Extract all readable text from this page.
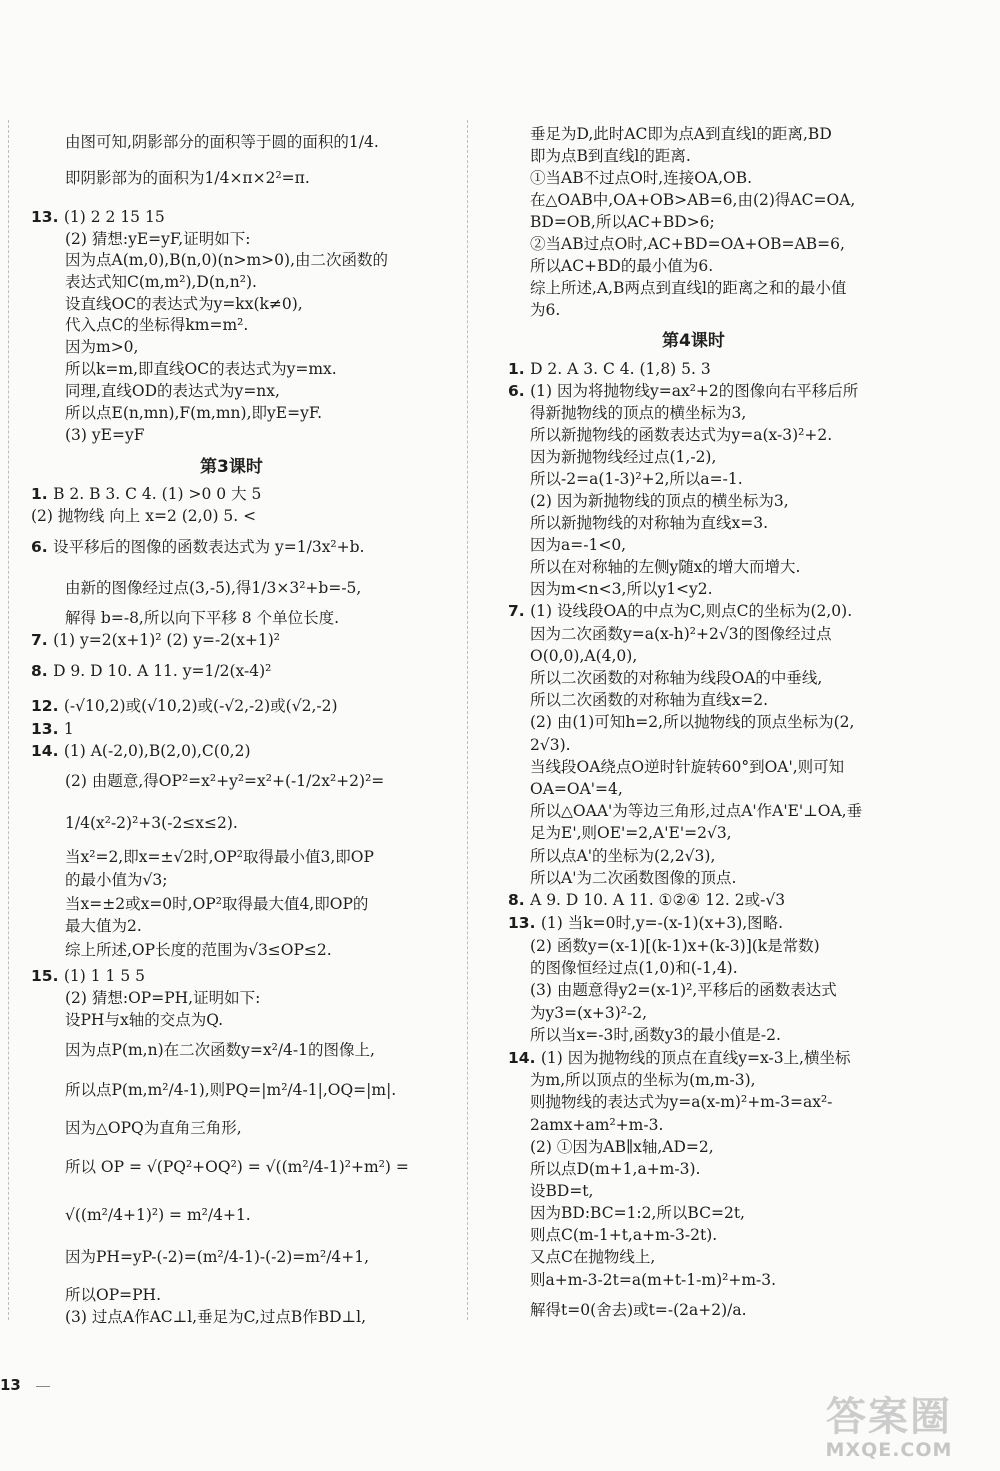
由图可知,阴影部分的面积等于圆的面积的1/4.
即阴影部为的面积为1/4×π×2²=π.
13. (1) 2 2 15 15
(2) 猜想:yE=yF,证明如下:
因为点A(m,0),B(n,0)(n>m>0),由二次函数的
表达式知C(m,m²),D(n,n²).
设直线OC的表达式为y=kx(k≠0),
代入点C的坐标得km=m².
因为m>0,
所以k=m,即直线OC的表达式为y=mx.
同理,直线OD的表达式为y=nx,
所以点E(n,mn),F(m,mn),即yE=yF.
(3) yE=yF
1. B 2. B 3. C 4. (1) >0 0 大 5
(2) 抛物线 向上 x=2 (2,0) 5. <
6. 设平移后的图像的函数表达式为 y=1/3x²+b.
由新的图像经过点(3,-5),得1/3×3²+b=-5,
解得 b=-8,所以向下平移 8 个单位长度.
7. (1) y=2(x+1)² (2) y=-2(x+1)²
8. D 9. D 10. A 11. y=1/2(x-4)²
12. (-√10,2)或(√10,2)或(-√2,-2)或(√2,-2)
13. 1
14. (1) A(-2,0),B(2,0),C(0,2)
(2) 由题意,得OP²=x²+y²=x²+(-1/2x²+2)²=
1/4(x²-2)²+3(-2≤x≤2).
当x²=2,即x=±√2时,OP²取得最小值3,即OP
的最小值为√3;
当x=±2或x=0时,OP²取得最大值4,即OP的
最大值为2.
综上所述,OP长度的范围为√3≤OP≤2.
15. (1) 1 1 5 5
(2) 猜想:OP=PH,证明如下:
设PH与x轴的交点为Q.
因为点P(m,n)在二次函数y=x²/4-1的图像上,
所以点P(m,m²/4-1),则PQ=|m²/4-1|,OQ=|m|.
因为△OPQ为直角三角形,
所以 OP = √(PQ²+OQ²) = √((m²/4-1)²+m²) =
√((m²/4+1)²) = m²/4+1.
因为PH=yP-(-2)=(m²/4-1)-(-2)=m²/4+1,
所以OP=PH.
(3) 过点A作AC⊥l,垂足为C,过点B作BD⊥l,
垂足为D,此时AC即为点A到直线l的距离,BD
即为点B到直线l的距离.
①当AB不过点O时,连接OA,OB.
在△OAB中,OA+OB>AB=6,由(2)得AC=OA,
BD=OB,所以AC+BD>6;
②当AB过点O时,AC+BD=OA+OB=AB=6,
所以AC+BD的最小值为6.
综上所述,A,B两点到直线l的距离之和的最小值
为6.
1. D 2. A 3. C 4. (1,8) 5. 3
6. (1) 因为将抛物线y=ax²+2的图像向右平移后所
得新抛物线的顶点的横坐标为3,
所以新抛物线的函数表达式为y=a(x-3)²+2.
因为新抛物线经过点(1,-2),
所以-2=a(1-3)²+2,所以a=-1.
(2) 因为新抛物线的顶点的横坐标为3,
所以新抛物线的对称轴为直线x=3.
因为a=-1<0,
所以在对称轴的左侧y随x的增大而增大.
因为m<n<3,所以y1<y2.
7. (1) 设线段OA的中点为C,则点C的坐标为(2,0).
因为二次函数y=a(x-h)²+2√3的图像经过点
O(0,0),A(4,0),
所以二次函数的对称轴为线段OA的中垂线,
所以二次函数的对称轴为直线x=2.
(2) 由(1)可知h=2,所以抛物线的顶点坐标为(2,
2√3).
当线段OA绕点O逆时针旋转60°到OA',则可知
OA=OA'=4,
所以△OAA'为等边三角形,过点A'作A'E'⊥OA,垂
足为E',则OE'=2,A'E'=2√3,
所以点A'的坐标为(2,2√3),
所以A'为二次函数图像的顶点.
8. A 9. D 10. A 11. ①②④ 12. 2或-√3
13. (1) 当k=0时,y=-(x-1)(x+3),图略.
(2) 函数y=(x-1)[(k-1)x+(k-3)](k是常数)
的图像恒经过点(1,0)和(-1,4).
(3) 由题意得y2=(x-1)²,平移后的函数表达式
为y3=(x+3)²-2,
所以当x=-3时,函数y3的最小值是-2.
14. (1) 因为抛物线的顶点在直线y=x-3上,横坐标
为m,所以顶点的坐标为(m,m-3),
则抛物线的表达式为y=a(x-m)²+m-3=ax²-
2amx+am²+m-3.
(2) ①因为AB∥x轴,AD=2,
所以点D(m+1,a+m-3).
设BD=t,
因为BD:BC=1:2,所以BC=2t,
则点C(m-1+t,a+m-3-2t).
又点C在抛物线上,
则a+m-3-2t=a(m+t-1-m)²+m-3.
解得t=0(舍去)或t=-(2a+2)/a.
第3课时
第4课时
13
答案圈
MXQE.COM
